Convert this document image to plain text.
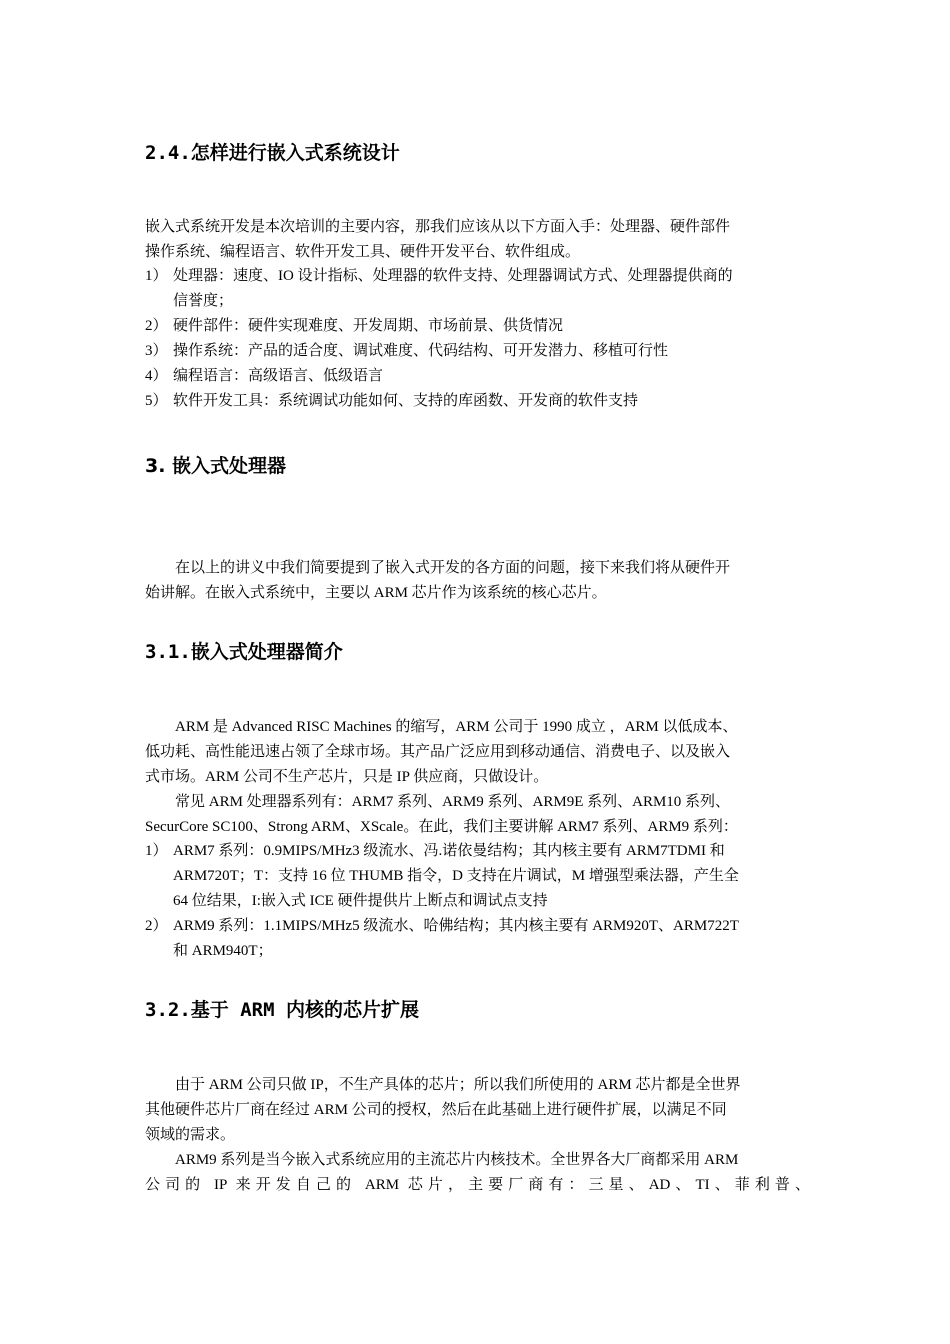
2.4.怎样进行嵌入式系统设计
嵌入式系统开发是本次培训的主要内容，那我们应该从以下方面入手：处理器、硬件部件
操作系统、编程语言、软件开发工具、硬件开发平台、软件组成。
1） 处理器：速度、IO 设计指标、处理器的软件支持、处理器调试方式、处理器提供商的
信誉度；
2） 硬件部件：硬件实现难度、开发周期、市场前景、供货情况
3） 操作系统：产品的适合度、调试难度、代码结构、可开发潜力、移植可行性
4） 编程语言：高级语言、低级语言
5） 软件开发工具：系统调试功能如何、支持的库函数、开发商的软件支持
3. 嵌入式处理器
在以上的讲义中我们简要提到了嵌入式开发的各方面的问题，接下来我们将从硬件开
始讲解。在嵌入式系统中，主要以 ARM 芯片作为该系统的核心芯片。
3.1.嵌入式处理器简介
ARM 是 Advanced RISC Machines 的缩写，ARM 公司于 1990 成立 ，ARM 以低成本、
低功耗、高性能迅速占领了全球市场。其产品广泛应用到移动通信、消费电子、以及嵌入
式市场。ARM 公司不生产芯片，只是 IP 供应商，只做设计。
常见 ARM 处理器系列有：ARM7 系列、ARM9 系列、ARM9E 系列、ARM10 系列、
SecurCore SC100、Strong ARM、XScale。在此，我们主要讲解 ARM7 系列、ARM9 系列：
1） ARM7 系列：0.9MIPS/MHz3 级流水、冯.诺依曼结构；其内核主要有 ARM7TDMI 和
ARM720T；T：支持 16 位 THUMB 指令，D 支持在片调试，M 增强型乘法器，产生全
64 位结果，I:嵌入式 ICE 硬件提供片上断点和调试点支持
2） ARM9 系列：1.1MIPS/MHz5 级流水、哈佛结构；其内核主要有 ARM920T、ARM722T
和 ARM940T；
3.2.基于 ARM 内核的芯片扩展
由于 ARM 公司只做 IP，不生产具体的芯片；所以我们所使用的 ARM 芯片都是全世界
其他硬件芯片厂商在经过 ARM 公司的授权，然后在此基础上进行硬件扩展，以满足不同
领域的需求。
ARM9 系列是当今嵌入式系统应用的主流芯片内核技术。全世界各大厂商都采用 ARM
公司的 IP 来开发自己的 ARM 芯片，主要厂商有：三星、AD、TI、菲利普、
